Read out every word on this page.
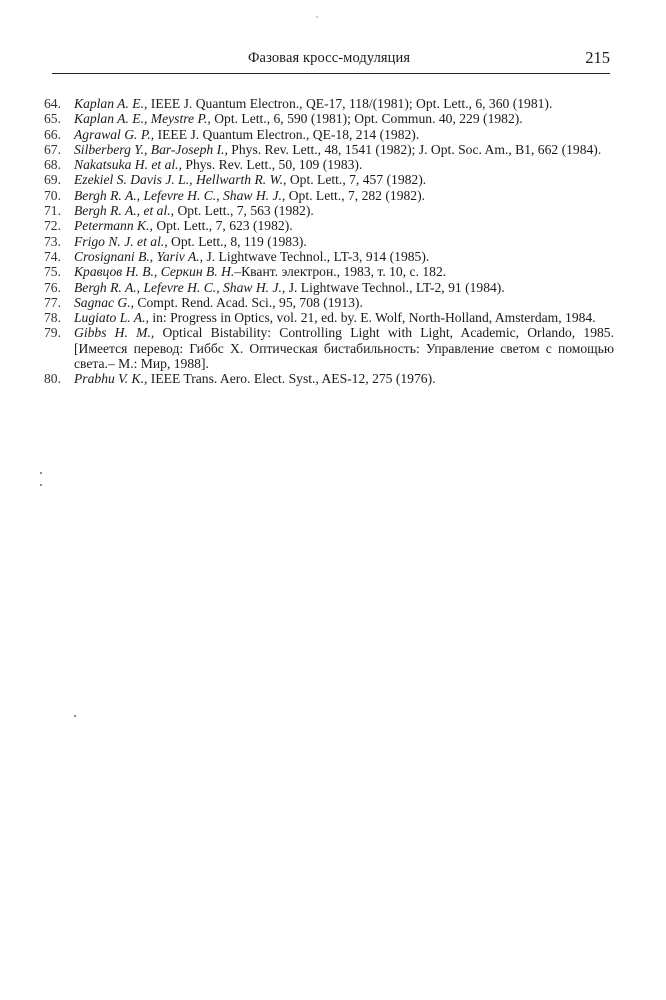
Фазовая кросс-модуляция	215
64. Kaplan A. E., IEEE J. Quantum Electron., QE-17, 118/(1981); Opt. Lett., 6, 360 (1981).
65. Kaplan A. E., Meystre P., Opt. Lett., 6, 590 (1981); Opt. Commun. 40, 229 (1982).
66. Agrawal G. P., IEEE J. Quantum Electron., QE-18, 214 (1982).
67. Silberberg Y., Bar-Joseph I., Phys. Rev. Lett., 48, 1541 (1982); J. Opt. Soc. Am., B1, 662 (1984).
68. Nakatsuka H. et al., Phys. Rev. Lett., 50, 109 (1983).
69. Ezekiel S. Davis J. L., Hellwarth R. W., Opt. Lett., 7, 457 (1982).
70. Bergh R. A., Lefevre H. C., Shaw H. J., Opt. Lett., 7, 282 (1982).
71. Bergh R. A., et al., Opt. Lett., 7, 563 (1982).
72. Petermann K., Opt. Lett., 7, 623 (1982).
73. Frigo N. J. et al., Opt. Lett., 8, 119 (1983).
74. Crosignani B., Yariv A., J. Lightwave Technol., LT-3, 914 (1985).
75. Кравцов Н. В., Серкин В. Н.–Квант. электрон., 1983, т. 10, с. 182.
76. Bergh R. A., Lefevre H. C., Shaw H. J., J. Lightwave Technol., LT-2, 91 (1984).
77. Sagnac G., Compt. Rend. Acad. Sci., 95, 708 (1913).
78. Lugiato L. A., in: Progress in Optics, vol. 21, ed. by. E. Wolf, North-Holland, Amsterdam, 1984.
79. Gibbs H. M., Optical Bistability: Controlling Light with Light, Academic, Orlando, 1985. [Имеется перевод: Гиббс Х. Оптическая бистабильность: Управление светом с помощью света.– М.: Мир, 1988].
80. Prabhu V. K., IEEE Trans. Aero. Elect. Syst., AES-12, 275 (1976).
